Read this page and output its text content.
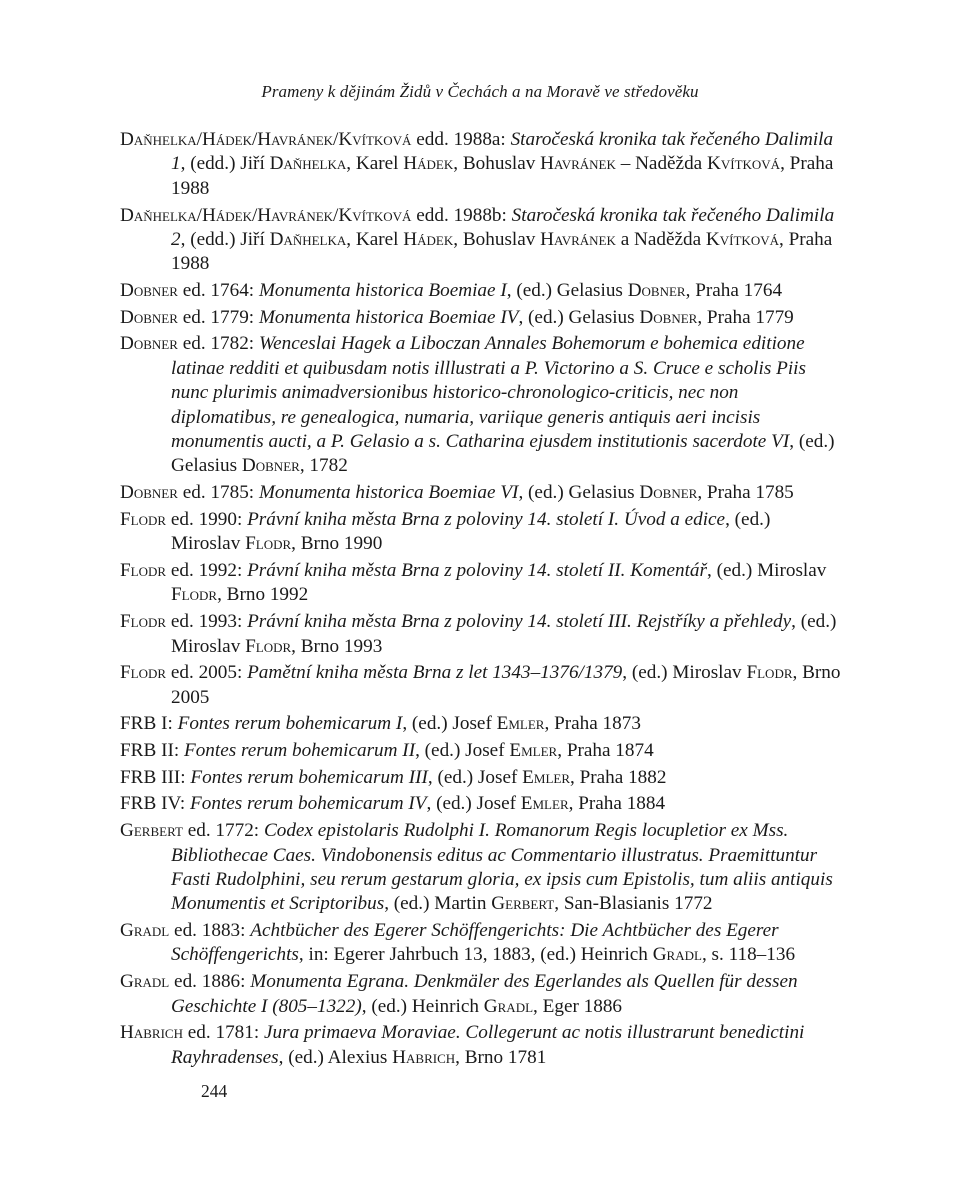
Prameny k dějinám Židů v Čechách a na Moravě ve středověku

Daňhelka/Hádek/Havránek/Kvítková edd. 1988a: Staročeská kronika tak řečeného Dalimila 1, (edd.) Jiří Daňhelka, Karel Hádek, Bohuslav Havránek – Naděžda Kvítková, Praha 1988

Daňhelka/Hádek/Havránek/Kvítková edd. 1988b: Staročeská kronika tak řečeného Dalimila 2, (edd.) Jiří Daňhelka, Karel Hádek, Bohuslav Havránek a Naděžda Kvítková, Praha 1988

Dobner ed. 1764: Monumenta historica Boemiae I, (ed.) Gelasius Dobner, Praha 1764

Dobner ed. 1779: Monumenta historica Boemiae IV, (ed.) Gelasius Dobner, Praha 1779

Dobner ed. 1782: Wenceslai Hagek a Liboczan Annales Bohemorum e bohemica editione latinae redditi et quibusdam notis illlustrati a P. Victorino a S. Cruce e scholis Piis nunc plurimis animadversionibus historico-chronologico-criticis, nec non diplomatibus, re genealogica, numaria, variique generis antiquis aeri incisis monumentis aucti, a P. Gelasio a s. Catharina ejusdem institutionis sacerdote VI, (ed.) Gelasius Dobner, 1782

Dobner ed. 1785: Monumenta historica Boemiae VI, (ed.) Gelasius Dobner, Praha 1785

Flodr ed. 1990: Právní kniha města Brna z poloviny 14. století I. Úvod a edice, (ed.) Miroslav Flodr, Brno 1990

Flodr ed. 1992: Právní kniha města Brna z poloviny 14. století II. Komentář, (ed.) Miroslav Flodr, Brno 1992

Flodr ed. 1993: Právní kniha města Brna z poloviny 14. století III. Rejstříky a přehledy, (ed.) Miroslav Flodr, Brno 1993

Flodr ed. 2005: Pamětní kniha města Brna z let 1343–1376/1379, (ed.) Miroslav Flodr, Brno 2005

FRB I: Fontes rerum bohemicarum I, (ed.) Josef Emler, Praha 1873

FRB II: Fontes rerum bohemicarum II, (ed.) Josef Emler, Praha 1874

FRB III: Fontes rerum bohemicarum III, (ed.) Josef Emler, Praha 1882

FRB IV: Fontes rerum bohemicarum IV, (ed.) Josef Emler, Praha 1884

Gerbert ed. 1772: Codex epistolaris Rudolphi I. Romanorum Regis locupletior ex Mss. Bibliothecae Caes. Vindobonensis editus ac Commentario illustratus. Praemittuntur Fasti Rudolphini, seu rerum gestarum gloria, ex ipsis cum Epistolis, tum aliis antiquis Monumentis et Scriptoribus, (ed.) Martin Gerbert, San-Blasianis 1772

Gradl ed. 1883: Achtbücher des Egerer Schöffengerichts: Die Achtbücher des Egerer Schöffengerichts, in: Egerer Jahrbuch 13, 1883, (ed.) Heinrich Gradl, s. 118–136

Gradl ed. 1886: Monumenta Egrana. Denkmäler des Egerlandes als Quellen für dessen Geschichte I (805–1322), (ed.) Heinrich Gradl, Eger 1886

Habrich ed. 1781: Jura primaeva Moraviae. Collegerunt ac notis illustrarunt benedictini Rayhradenses, (ed.) Alexius Habrich, Brno 1781

244
